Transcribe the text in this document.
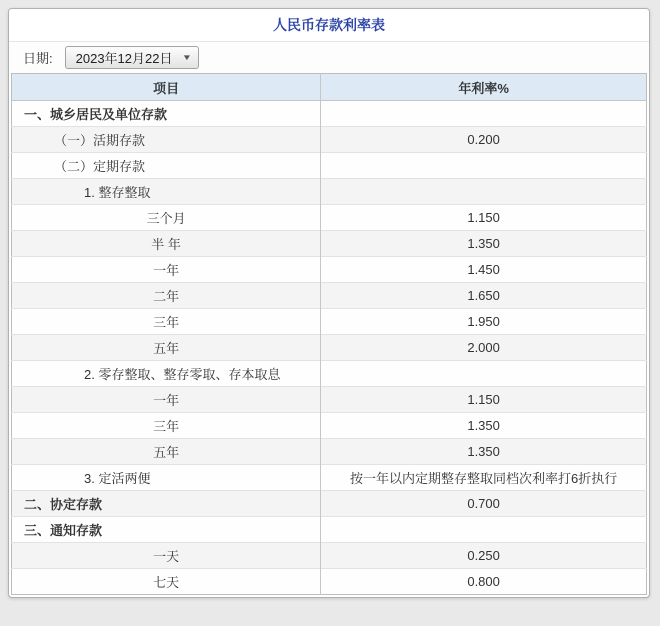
人民币存款利率表
日期: 2023年12月22日 ▼
项目	年利率%
一、城乡居民及单位存款	
（一）活期存款	0.200
（二）定期存款	
1. 整存整取	
三个月	1.150
半 年	1.350
一年	1.450
二年	1.650
三年	1.950
五年	2.000
2. 零存整取、整存零取、存本取息	
一年	1.150
三年	1.350
五年	1.350
3. 定活两便	按一年以内定期整存整取同档次利率打6折执行
二、协定存款	0.700
三、通知存款	
一天	0.250
七天	0.800
